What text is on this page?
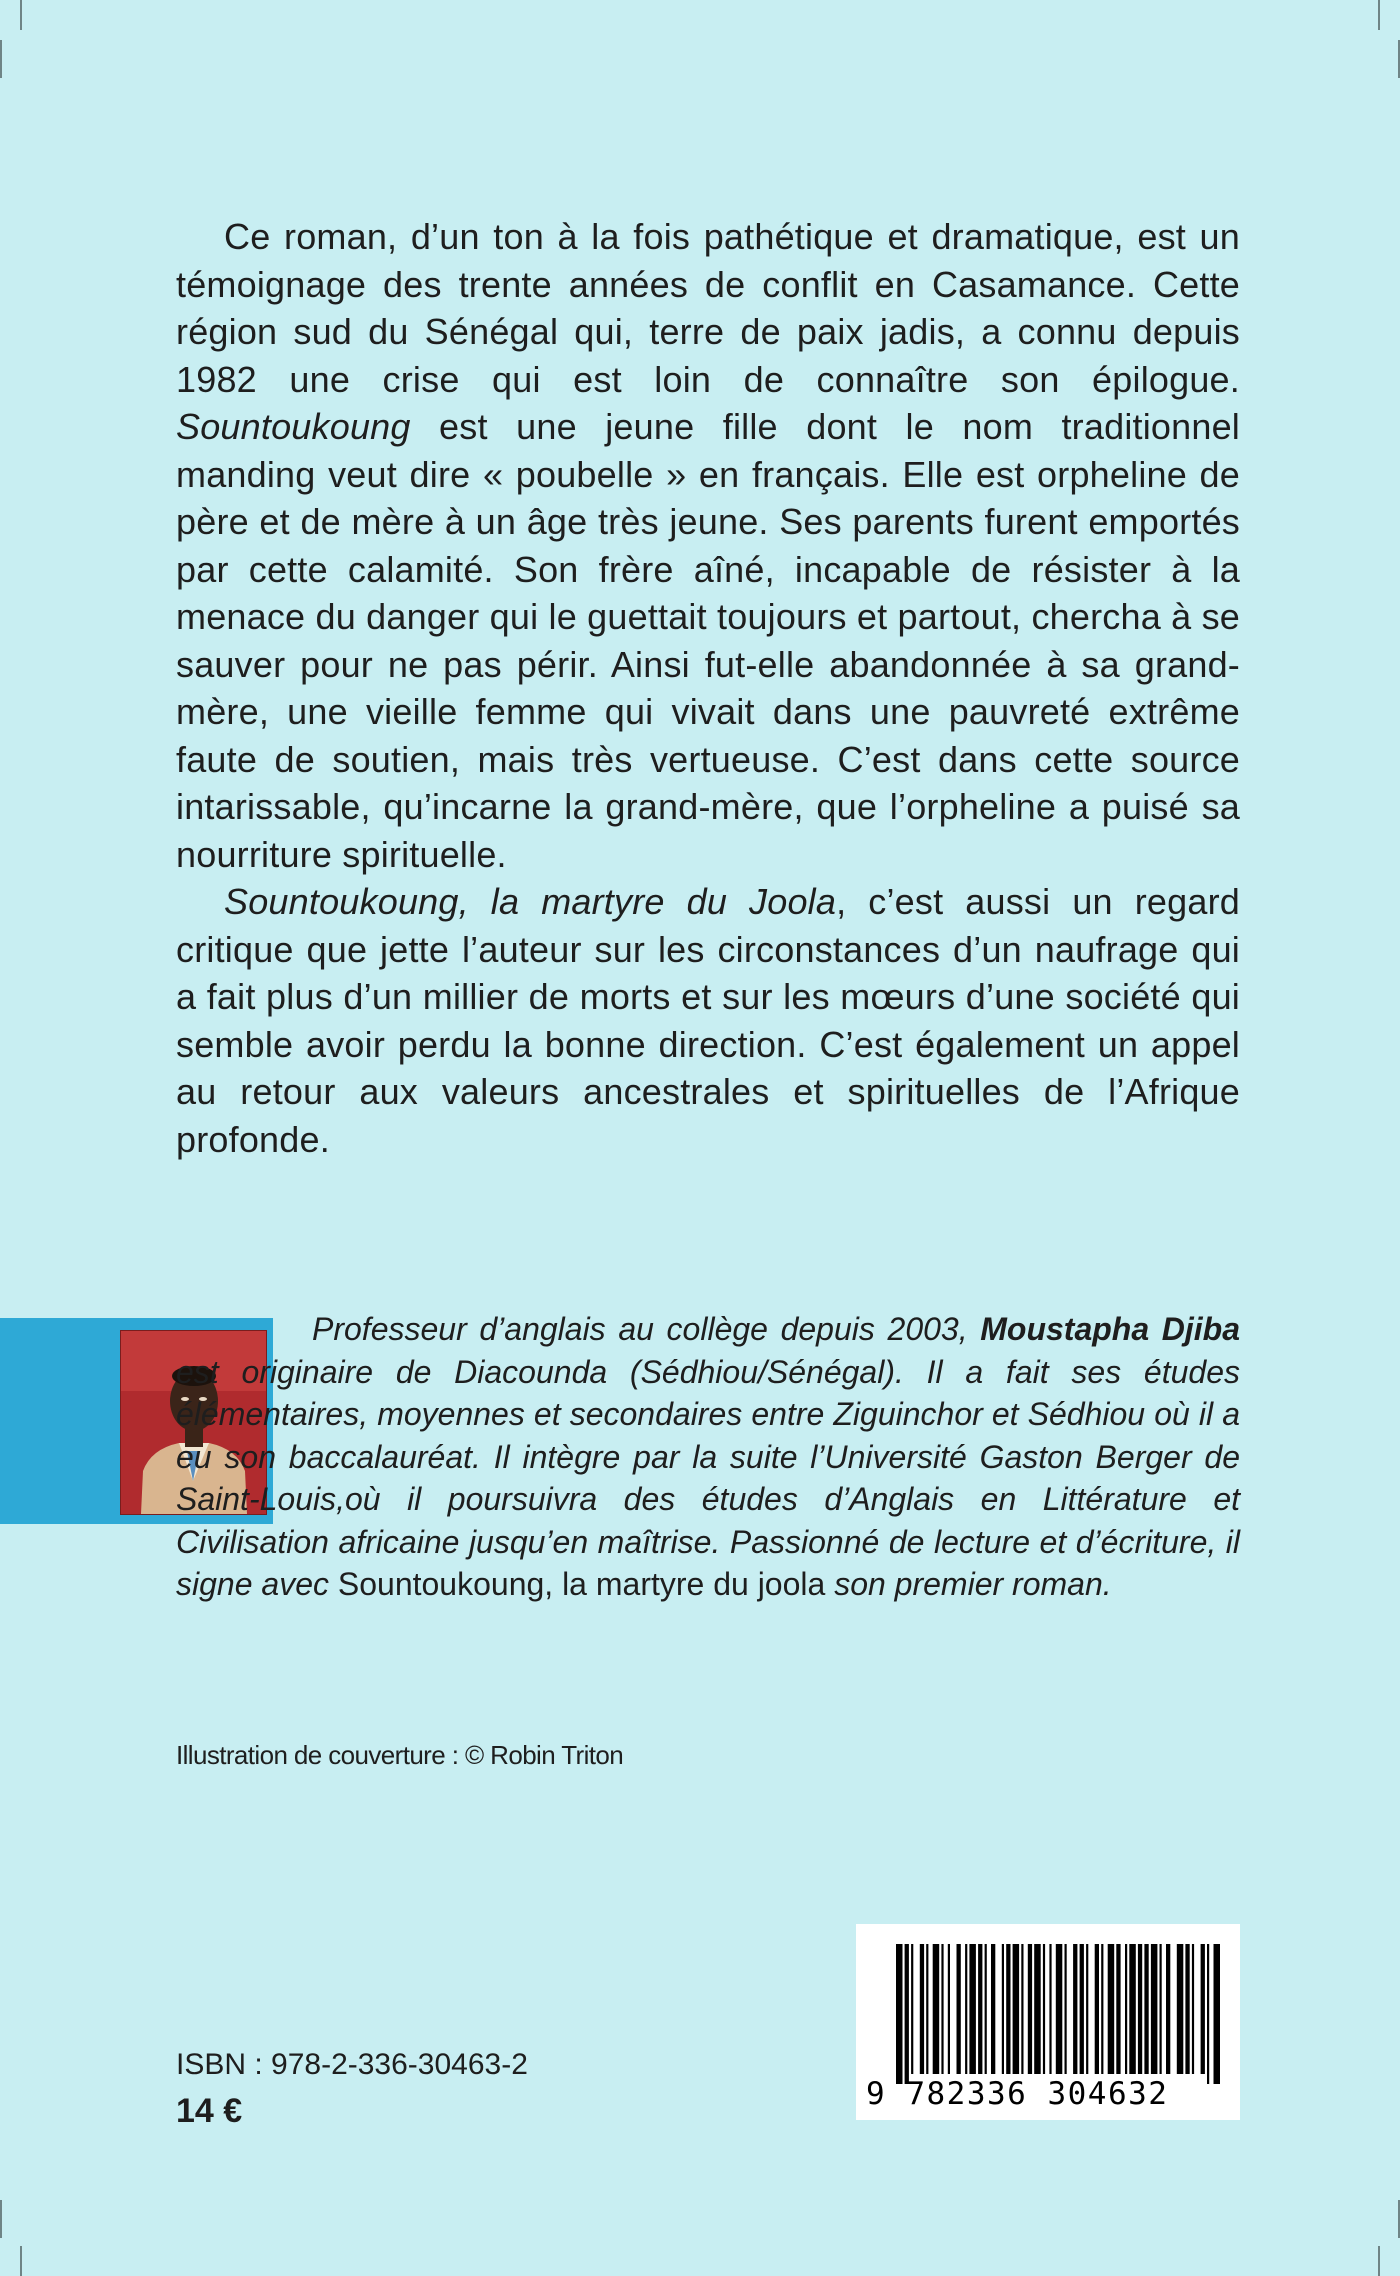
Ce roman, d’un ton à la fois pathétique et dramatique, est un témoignage des trente années de conflit en Casamance. Cette région sud du Sénégal qui, terre de paix jadis, a connu depuis 1982 une crise qui est loin de connaître son épilogue. Sountoukoung est une jeune fille dont le nom traditionnel manding veut dire « poubelle » en français. Elle est orpheline de père et de mère à un âge très jeune. Ses parents furent emportés par cette calamité. Son frère aîné, incapable de résister à la menace du danger qui le guettait toujours et partout, chercha à se sauver pour ne pas périr. Ainsi fut-elle abandonnée à sa grand-mère, une vieille femme qui vivait dans une pauvreté extrême faute de soutien, mais très vertueuse. C’est dans cette source intarissable, qu’incarne la grand-mère, que l’orpheline a puisé sa nourriture spirituelle.

Sountoukoung, la martyre du Joola, c’est aussi un regard critique que jette l’auteur sur les circonstances d’un naufrage qui a fait plus d’un millier de morts et sur les mœurs d’une société qui semble avoir perdu la bonne direction. C’est également un appel au retour aux valeurs ancestrales et spirituelles de l’Afrique profonde.

Professeur d’anglais au collège depuis 2003, Moustapha Djiba est originaire de Diacounda (Sédhiou/Sénégal). Il a fait ses études élémentaires, moyennes et secondaires entre Ziguinchor et Sédhiou où il a eu son baccalauréat. Il intègre par la suite l’Université Gaston Berger de Saint-Louis,où il poursuivra des études d’Anglais en Littérature et Civilisation africaine jusqu’en maîtrise. Passionné de lecture et d’écriture, il signe avec Sountoukoung, la martyre du joola son premier roman.

Illustration de couverture : © Robin Triton
ISBN : 978-2-336-30463-2
14 €	9 782336 304632
